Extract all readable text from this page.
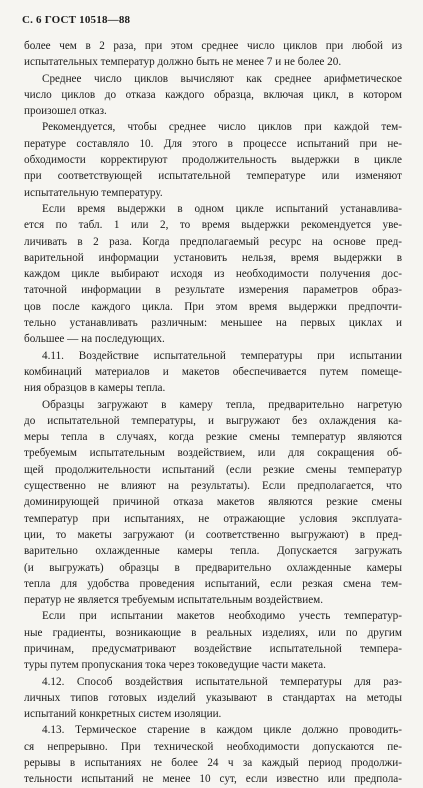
С. 6 ГОСТ 10518—88
более чем в 2 раза, при этом среднее число циклов при любой из
испытательных температур должно быть не менее 7 и не более 20.
Среднее число циклов вычисляют как среднее арифметическое
число циклов до отказа каждого образца, включая цикл, в котором
произошел отказ.
Рекомендуется, чтобы среднее число циклов при каждой тем-
пературе составляло 10. Для этого в процессе испытаний при не-
обходимости корректируют продолжительность выдержки в цикле
при соответствующей испытательной температуре или изменяют
испытательную температуру.
Если время выдержки в одном цикле испытаний устанавлива-
ется по табл. 1 или 2, то время выдержки рекомендуется уве-
личивать в 2 раза. Когда предполагаемый ресурс на основе пред-
варительной информации установить нельзя, время выдержки в
каждом цикле выбирают исходя из необходимости получения дос-
таточной информации в результате измерения параметров образ-
цов после каждого цикла. При этом время выдержки предпочти-
тельно устанавливать различным: меньшее на первых циклах и
большее — на последующих.
4.11. Воздействие испытательной температуры при испытании
комбинаций материалов и макетов обеспечивается путем помеще-
ния образцов в камеры тепла.
Образцы загружают в камеру тепла, предварительно нагретую
до испытательной температуры, и выгружают без охлаждения ка-
меры тепла в случаях, когда резкие смены температур являются
требуемым испытательным воздействием, или для сокращения об-
щей продолжительности испытаний (если резкие смены температур
существенно не влияют на результаты). Если предполагается, что
доминирующей причиной отказа макетов являются резкие смены
температур при испытаниях, не отражающие условия эксплуата-
ции, то макеты загружают (и соответственно выгружают) в пред-
варительно охлажденные камеры тепла. Допускается загружать
(и выгружать) образцы в предварительно охлажденные камеры
тепла для удобства проведения испытаний, если резкая смена тем-
ператур не является требуемым испытательным воздействием.
Если при испытании макетов необходимо учесть температур-
ные градиенты, возникающие в реальных изделиях, или по другим
причинам, предусматривают воздействие испытательной темпера-
туры путем пропускания тока через токоведущие части макета.
4.12. Способ воздействия испытательной температуры для раз-
личных типов готовых изделий указывают в стандартах на методы
испытаний конкретных систем изоляции.
4.13. Термическое старение в каждом цикле должно проводить-
ся непрерывно. При технической необходимости допускаются пе-
рерывы в испытаниях не более 24 ч за каждый период продолжи-
тельности испытаний не менее 10 сут, если известно или предпола-
